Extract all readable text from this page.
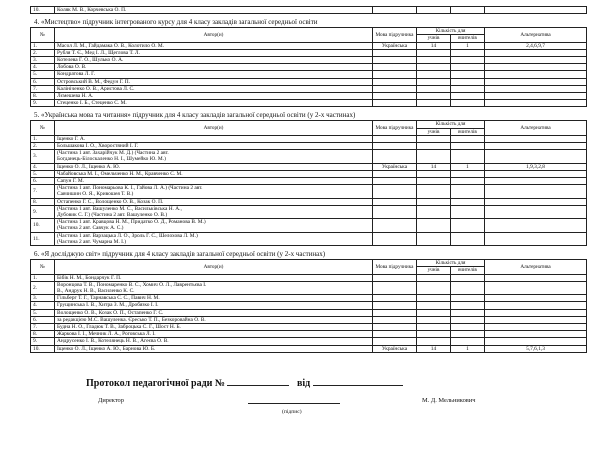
10.	Коляк М. В., Корчевська О. П.				
4. «Мистецтво» підручник інтегрованого курсу для 4 класу закладів загальної середньої освіти
№	Автор(и)	Мова підручника	Кількість для		Альтернатива
			учнів	вчителів	
1.	Масол Л. М., Гайдамака О. В., Колотило О. М.	Українська	14	1	2,4,6,9,7
2.	Рубля Т. Є., Мед І. Л., Щеглова Т. Л.				
3.	Котелева Г. О., Шулько О. А.				
4.	Лобова О. В.				
5.	Кондратова Л. Г.				
6.	Островський В. М., Федун Г. П.				
7.	Калініченко О. В., Аристова Л. С.				
8.	Лємешева Н. А.				
9.	Стеценко І. Б., Стеценко С. М.				
5. «Українська мова та читання» підручник для 4 класу закладів загальної середньої освіти (у 2-х частинах)
№	Автор(и)	Мова підручника	Кількість для		Альтернатива
			учнів	вчителів	
1.	Іщенко Г. А.				
2.	Большакова І. О., Хворостяний І. Г.				
3.	(Частина 1 авт. Захарійчук М. Д.) (Частина 2 авт.
Богданець-Білоскаленко Н. І., Шумейко Ю. М.)				
4.	Іщенко О. Л., Іщенко А. Ю.	Українська	14	1	1,9,3,2,8
5.	Чабайовська М. І., Омельченко Н. М., Кравченко С. М.				
6.	Сапун Г. М.				
7.	(Частина 1 авт. Пономарьова К. І., Гайова Л. А.) (Частина 2 авт.
Савчишин О. Я., Кривошея Т. В.)				
8.	Остапенко Г. С., Волощенко О. В., Козак О. П.				
9.	(Частина 1 авт. Вашуленко М. С., Васильківська Н. А.,
Дубовик С. Г.) (Частина 2 авт. Вашуленко О. В.)				
10.	(Частина 1 авт. Кравцова Н. М., Придатко О. Д., Романова В. М.)
(Частина 2 авт. Савчук А. С.)				
11.	(Частина 1 авт. Варзацька Л. О., Зроль Г. С., Шелохова Л. М.)
(Частина 2 авт. Чумарна М. І.)				
6. «Я досліджую світ» підручник для 4 класу закладів загальної середньої освіти (у 2-х частинах)
№	Автор(и)	Мова підручника	Кількість для		Альтернатива
			учнів	вчителів	
1.	Бібік Н. М., Бондарчук Г. П.				
2.	Воронцова Т. В., Пономаренко В. С., Хомич О. Л., Лаврентьєва І.
В., Андрук Н. В., Василенко К. С.				
3.	Гільберг Т. Г., Тарнавська С. С., Павич Н. М.				
4.	Грущинська І. В., Хитра З. М., Дробязко І. І.				
5.	Волощенко О. В., Козак О. П., Остапенко Г. С.				
6.	за редакцією М.С. Вашуленка. Єресько Т. П., Безкоровайна О. В.				
7.	Будна Н. О., Гладюк Т. В., Заброцька С. Г., Шост Н. Б.				
8.	Жаркова І. І., Мечник Л. А., Роговська Л. І.				
9.	Андрусенко І. В., Котелянець Н. В., Агеєва О. В.				
10.	Іщенко О. Л., Іщенко А. Ю., Барнова Ю. Б.	Українська	14	1	5,7,6,1,3
Протокол педагогічної ради №	від
Директор
(підпис)
М. Д. Мельникович
